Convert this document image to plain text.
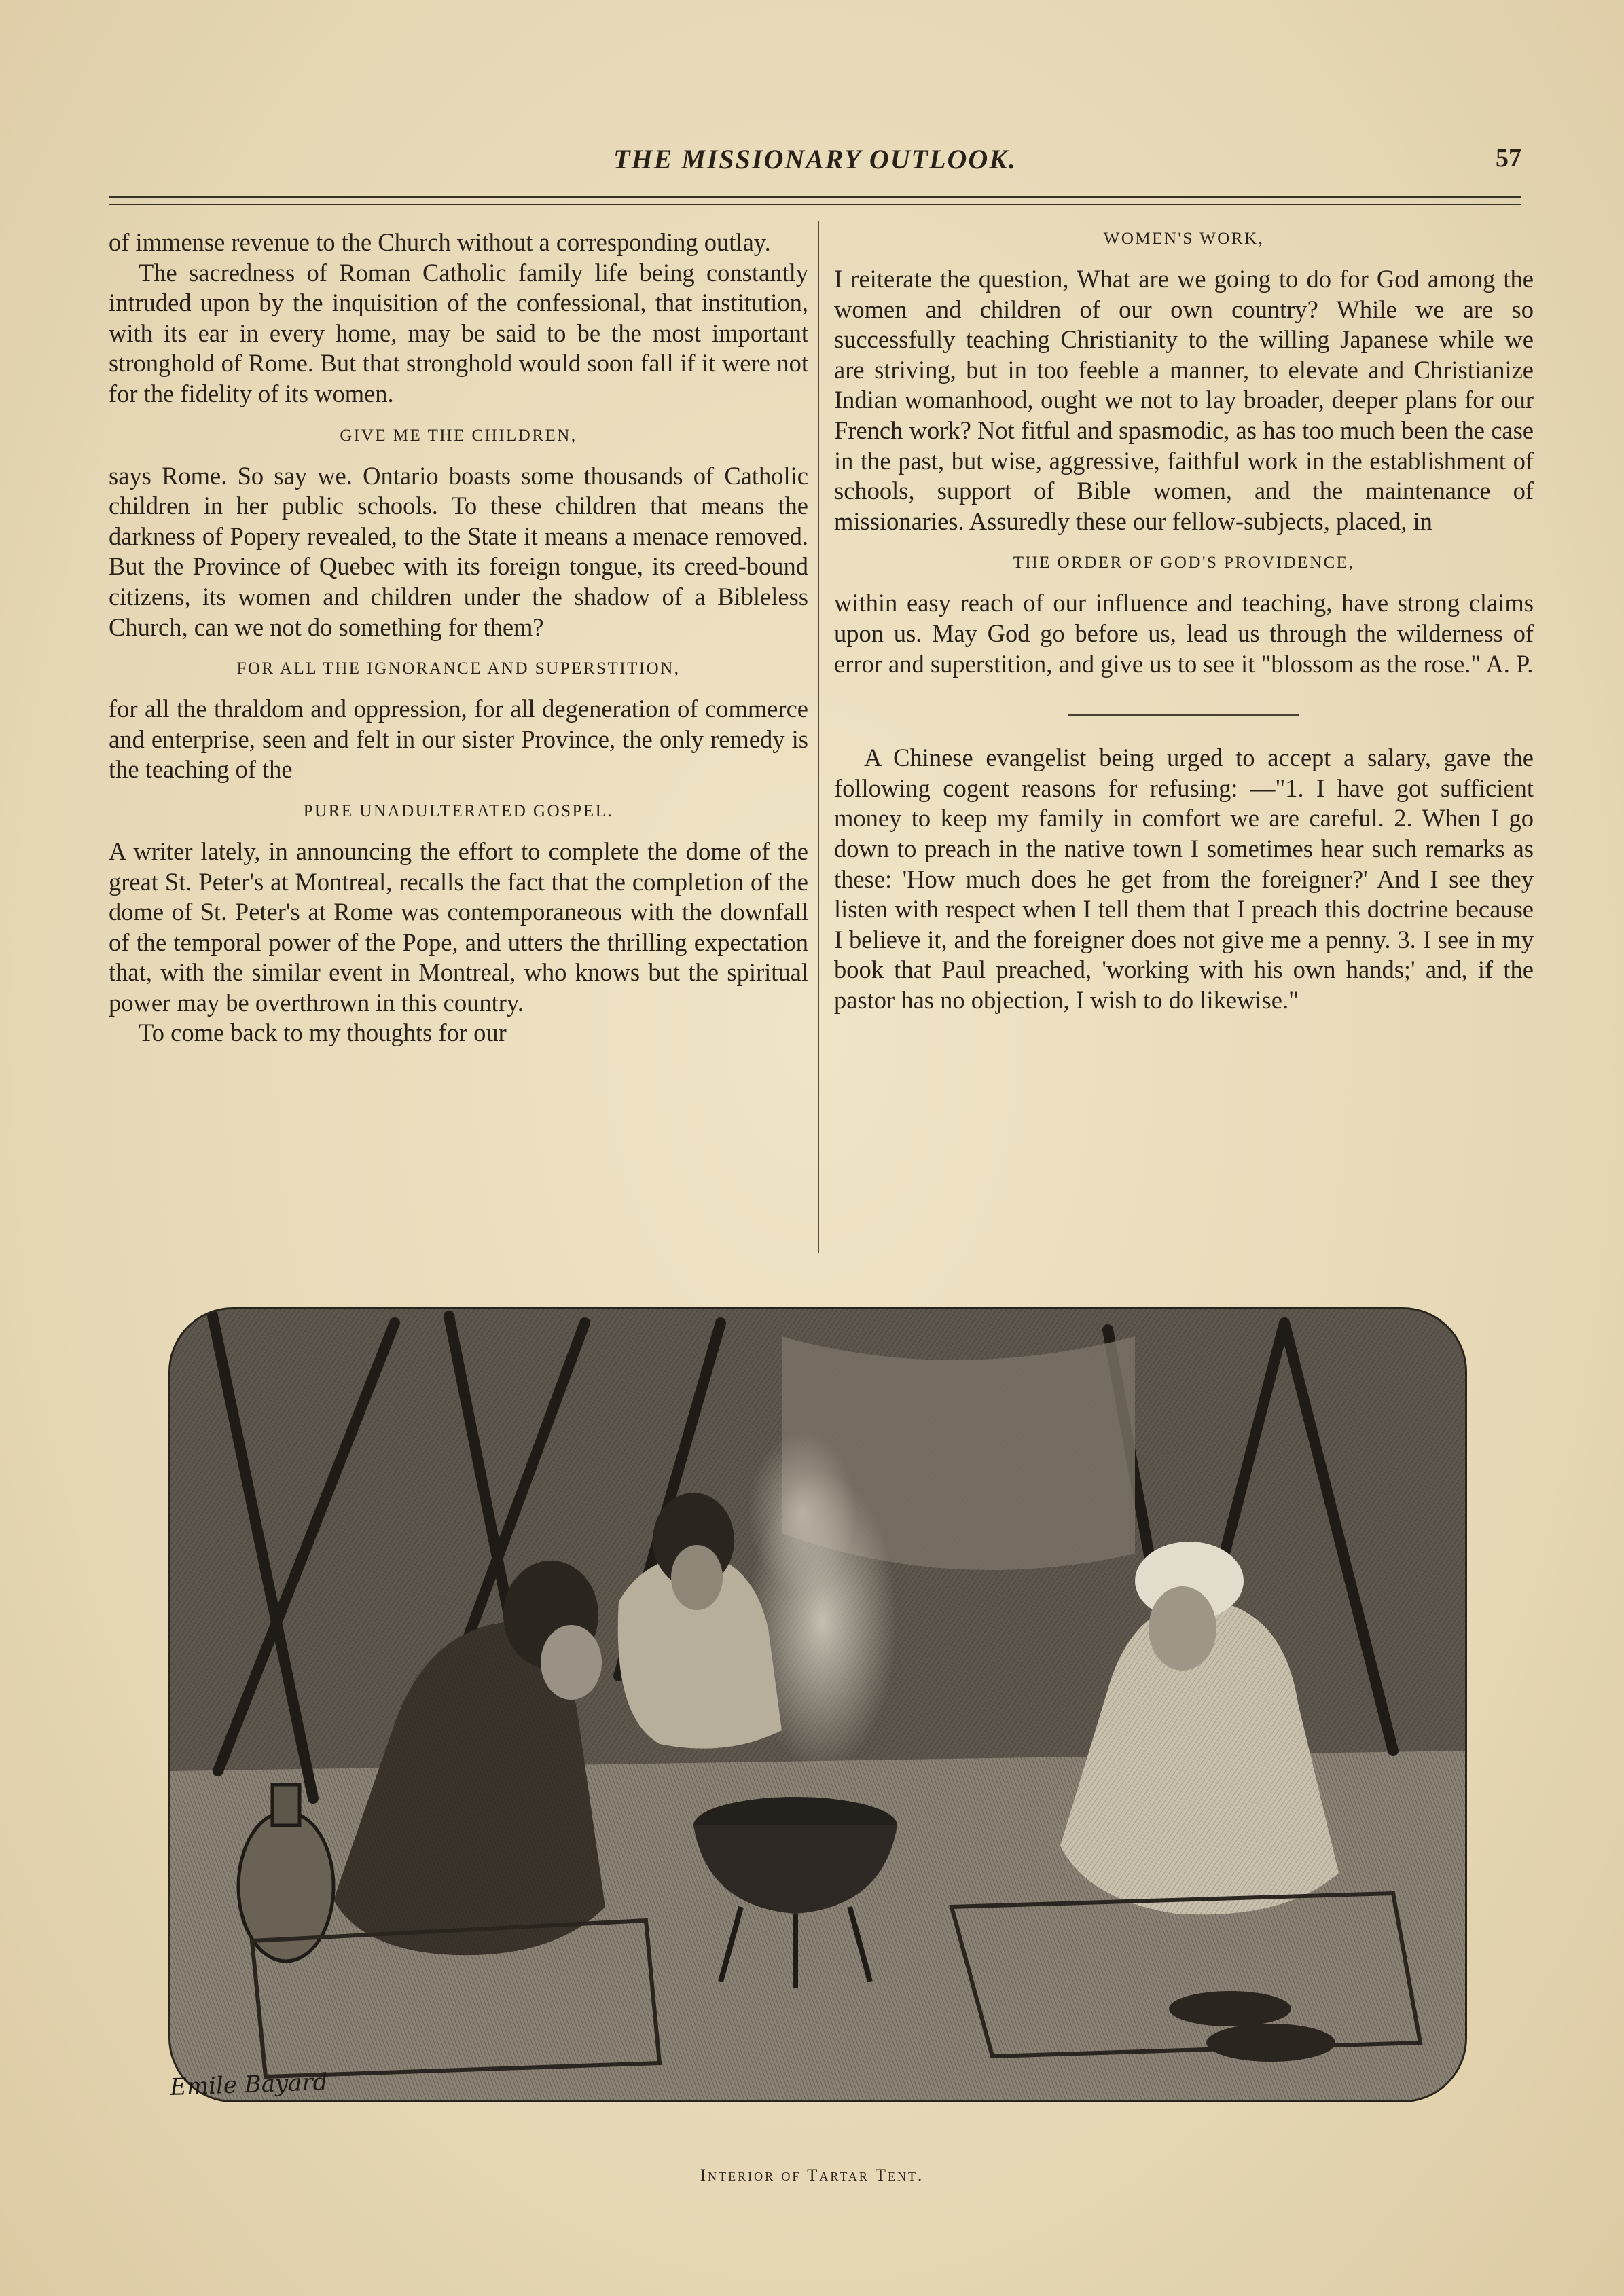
THE MISSIONARY OUTLOOK.	57

of immense revenue to the Church without a corresponding outlay.

The sacredness of Roman Catholic family life being constantly intruded upon by the inquisition of the confessional, that institution, with its ear in every home, may be said to be the most important stronghold of Rome. But that stronghold would soon fall if it were not for the fidelity of its women.

GIVE ME THE CHILDREN,

says Rome. So say we. Ontario boasts some thousands of Catholic children in her public schools. To these children that means the darkness of Popery revealed, to the State it means a menace removed. But the Province of Quebec with its foreign tongue, its creed-bound citizens, its women and children under the shadow of a Bibleless Church, can we not do something for them?

FOR ALL THE IGNORANCE AND SUPERSTITION,

for all the thraldom and oppression, for all degeneration of commerce and enterprise, seen and felt in our sister Province, the only remedy is the teaching of the

PURE UNADULTERATED GOSPEL.

A writer lately, in announcing the effort to complete the dome of the great St. Peter's at Montreal, recalls the fact that the completion of the dome of St. Peter's at Rome was contemporaneous with the downfall of the temporal power of the Pope, and utters the thrilling expectation that, with the similar event in Montreal, who knows but the spiritual power may be overthrown in this country.

To come back to my thoughts for our

WOMEN'S WORK,

I reiterate the question, What are we going to do for God among the women and children of our own country? While we are so successfully teaching Christianity to the willing Japanese while we are striving, but in too feeble a manner, to elevate and Christianize Indian womanhood, ought we not to lay broader, deeper plans for our French work? Not fitful and spasmodic, as has too much been the case in the past, but wise, aggressive, faithful work in the establishment of schools, support of Bible women, and the maintenance of missionaries. Assuredly these our fellow-subjects, placed, in

THE ORDER OF GOD'S PROVIDENCE,

within easy reach of our influence and teaching, have strong claims upon us. May God go before us, lead us through the wilderness of error and superstition, and give us to see it "blossom as the rose." A. P.

A Chinese evangelist being urged to accept a salary, gave the following cogent reasons for refusing: —"1. I have got sufficient money to keep my family in comfort we are careful. 2. When I go down to preach in the native town I sometimes hear such remarks as these: 'How much does he get from the foreigner?' And I see they listen with respect when I tell them that I preach this doctrine because I believe it, and the foreigner does not give me a penny. 3. I see in my book that Paul preached, 'working with his own hands;' and, if the pastor has no objection, I wish to do likewise."

Emile Bayard
Interior of Tartar Tent.
